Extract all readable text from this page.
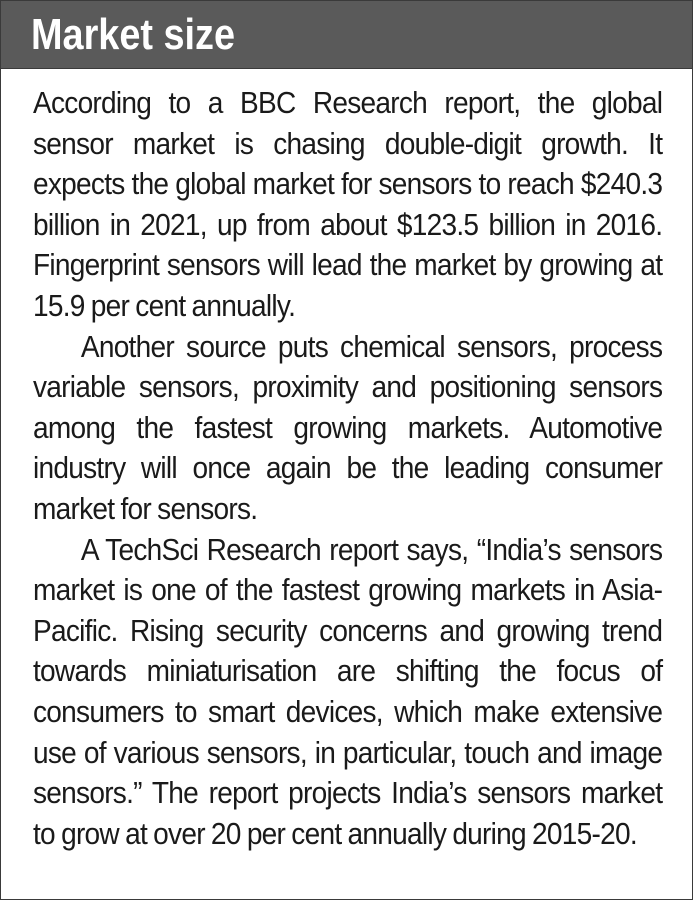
Market size

According to a BBC Research report, the global sensor market is chasing double-digit growth. It expects the global market for sensors to reach $240.3 billion in 2021, up from about $123.5 billion in 2016. Fingerprint sensors will lead the market by growing at 15.9 per cent annually.

Another source puts chemical sensors, process variable sensors, proximity and positioning sensors among the fastest growing markets. Automotive industry will once again be the leading consumer market for sensors.

A TechSci Research report says, “India’s sensors market is one of the fastest growing markets in Asia-Pacific. Rising security concerns and growing trend towards miniaturisation are shifting the focus of consumers to smart devices, which make extensive use of various sensors, in particular, touch and image sensors.” The report projects India’s sensors market to grow at over 20 per cent annually during 2015-20.
